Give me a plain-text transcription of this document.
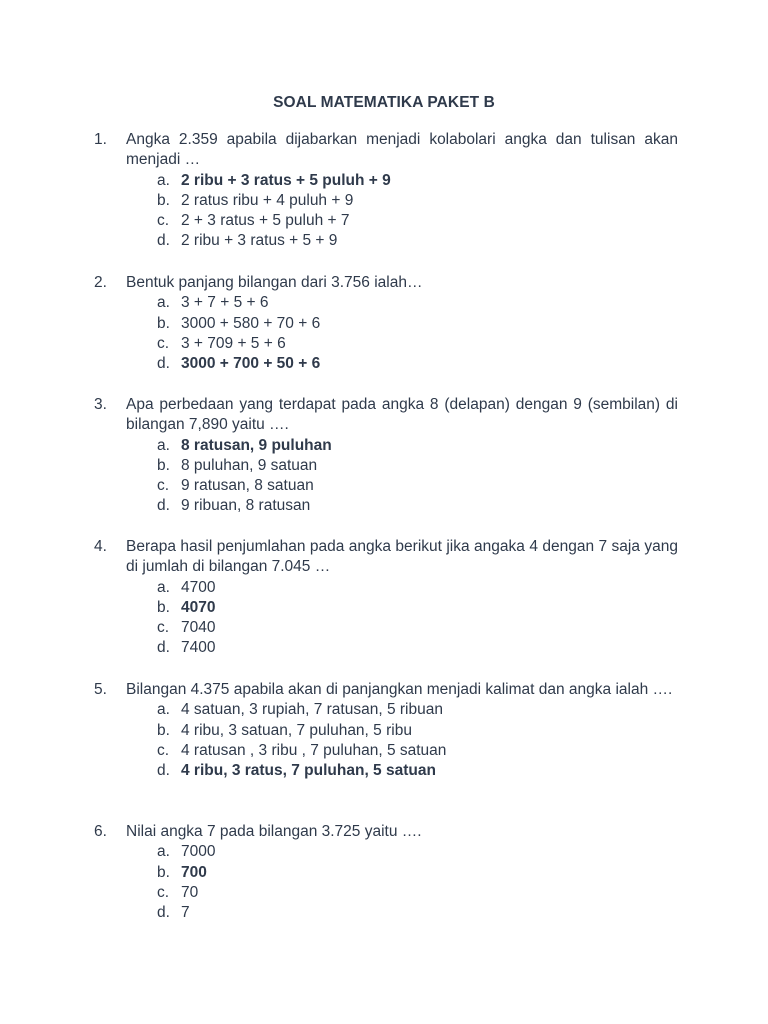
SOAL MATEMATIKA PAKET B
1. Angka 2.359 apabila dijabarkan menjadi kolabolari angka dan tulisan akan menjadi …
a. 2 ribu + 3 ratus + 5 puluh + 9
b. 2 ratus ribu + 4 puluh + 9
c. 2 + 3 ratus + 5 puluh + 7
d. 2 ribu + 3 ratus + 5 + 9
2. Bentuk panjang bilangan dari 3.756 ialah…
a. 3 + 7 + 5 + 6
b. 3000 + 580 + 70 + 6
c. 3 + 709 + 5 + 6
d. 3000 + 700 + 50 + 6
3. Apa perbedaan yang terdapat pada angka 8 (delapan) dengan 9 (sembilan) di bilangan 7,890 yaitu ….
a. 8 ratusan, 9 puluhan
b. 8 puluhan, 9 satuan
c. 9 ratusan, 8 satuan
d. 9 ribuan, 8 ratusan
4. Berapa hasil penjumlahan pada angka berikut jika angaka 4 dengan 7 saja yang di jumlah di bilangan 7.045 …
a. 4700
b. 4070
c. 7040
d. 7400
5. Bilangan 4.375 apabila akan di panjangkan menjadi kalimat dan angka ialah ….
a. 4 satuan, 3 rupiah, 7 ratusan, 5 ribuan
b. 4 ribu, 3 satuan, 7 puluhan, 5 ribu
c. 4 ratusan , 3 ribu , 7 puluhan, 5 satuan
d. 4 ribu, 3 ratus, 7 puluhan, 5 satuan
6. Nilai angka 7 pada bilangan 3.725 yaitu ….
a. 7000
b. 700
c. 70
d. 7
